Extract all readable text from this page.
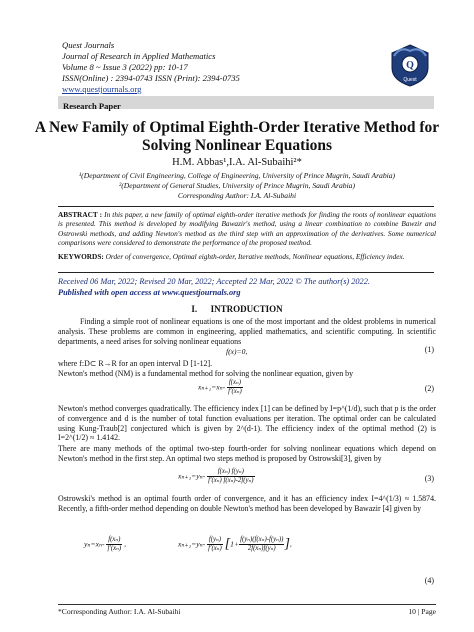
Quest Journals
Journal of Research in Applied Mathematics
Volume 8 ~ Issue 3 (2022) pp: 10-17
ISSN(Online) : 2394-0743 ISSN (Print): 2394-0735
www.questjournals.org
Q
Quest
Research Paper
A New Family of Optimal Eighth-Order Iterative Method for Solving Nonlinear Equations
H.M. Abbas¹,I.A. Al-Subaihi²*
¹(Department of Civil Engineering, College of Engineering, University of Prince Mugrin, Saudi Arabia)
²(Department of General Studies, University of Prince Mugrin, Saudi Arabia)
Corresponding Author: I.A. Al-Subaihi
ABSTRACT : In this paper, a new family of optimal eighth-order iterative methods for finding the roots of nonlinear equations is presented. This method is developed by modifying Bawazir's method, using a linear combination to combine Bawzir and Ostrowski methods, and adding Newton's method as the third step with an approximation of the derivatives. Some numerical comparisons were considered to demonstrate the performance of the proposed method.
KEYWORDS: Order of convergence, Optimal eighth-order, Iterative methods, Nonlinear equations, Efficiency index.
Received 06 Mar, 2022; Revised 20 Mar, 2022; Accepted 22 Mar, 2022 © The author(s) 2022.
Published with open access at www.questjournals.org
I. INTRODUCTION
Finding a simple root of nonlinear equations is one of the most important and the oldest problems in numerical analysis. These problems are common in engineering, applied mathematics, and scientific computing. In scientific departments, a need arises for solving nonlinear equations
f(x)=0,	(1)
where f:D⊂ R→R for an open interval D [1-12].
Newton's method (NM) is a fundamental method for solving the nonlinear equation, given by
$x_{n+1}=x_n- \frac{\text{f(xₙ)}}{\text{f′(xₙ)}}$	(2)
Newton's method converges quadratically. The efficiency index [1] can be defined by I=p^(1/d), such that p is the order of convergence and d is the number of total function evaluations per iteration. The optimal order can be calculated using Kung-Traub[2] conjectured which is given by 2^(d-1). The efficiency index of the optimal method (2) is I=2^(1/2) ≈ 1.4142.
There are many methods of the optimal two-step fourth-order for solving nonlinear equations which depend on Newton's method in the first step. An optimal two steps method is proposed by Ostrowski[3], given by
$x_{n+1}=y_n- \frac{\text{f(xₙ) f(yₙ)}}{\text{f′(xₙ) f(xₙ)-2f(yₙ)}}$	(3)
Ostrowski's method is an optimal fourth order of convergence, and it has an efficiency index I=4^(1/3) ≈ 1.5874. Recently, a fifth-order method depending on double Newton's method has been developed by Bawazir [4] given by
$y_n=x_n- \frac{\text{f(xₙ)}}{\text{f′(xₙ)}}$ ,	$x_{n+1}=y_n- \frac{\text{f(yₙ)}}{\text{f′(xₙ)}} [1+ \frac{\text{f(yₙ)(f(xₙ)-f(yₙ))}}{\text{2f(xₙ)f(yₙ)}}$ ],
(4)
*Corresponding Author: I.A. Al-Subaihi	10 | Page
